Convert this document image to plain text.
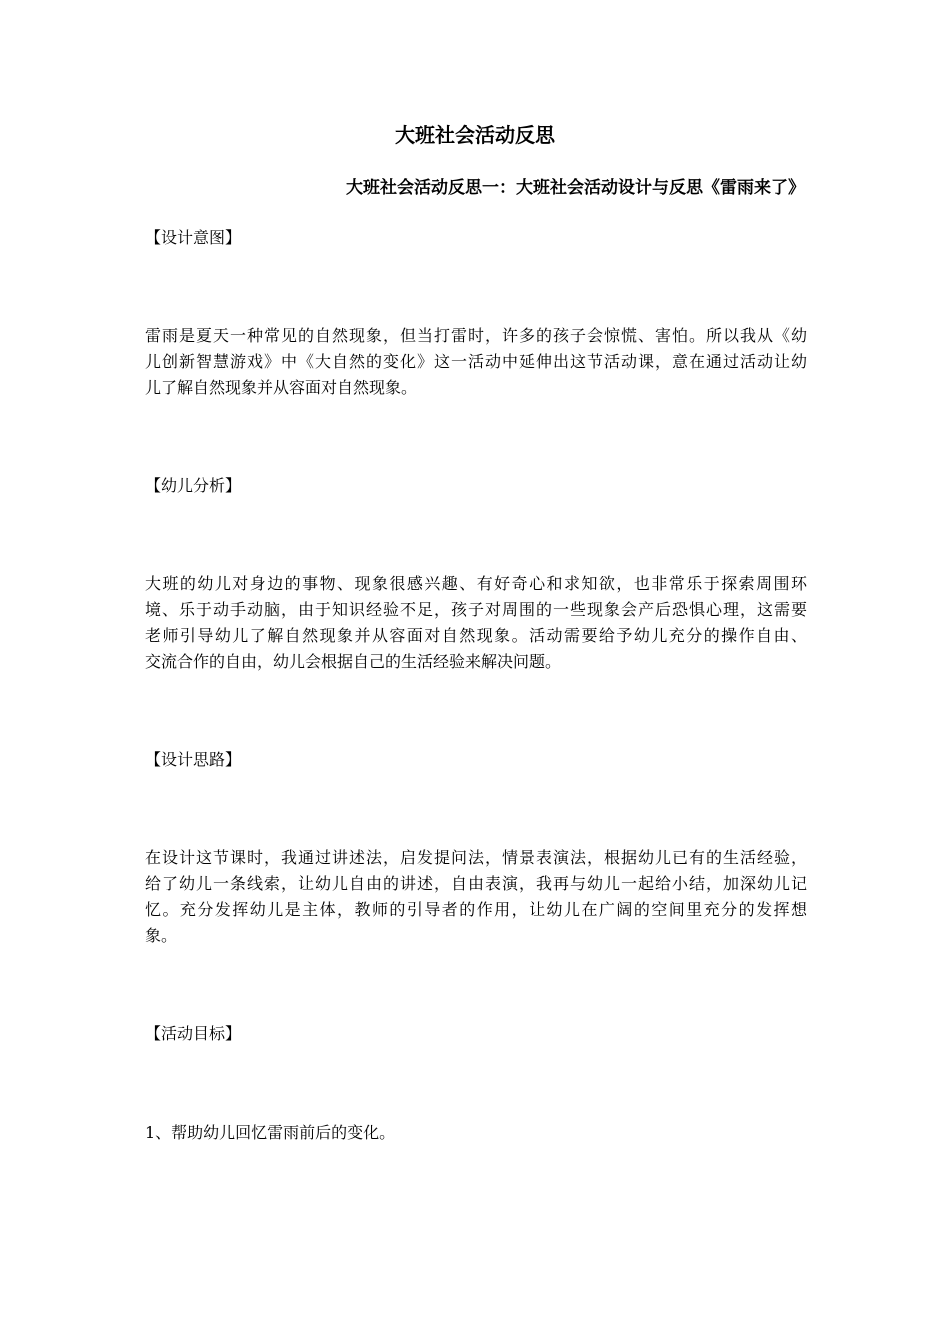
大班社会活动反思
大班社会活动反思一：大班社会活动设计与反思《雷雨来了》
【设计意图】
雷雨是夏天一种常见的自然现象，但当打雷时，许多的孩子会惊慌、害怕。所以我从《幼
儿创新智慧游戏》中《大自然的变化》这一活动中延伸出这节活动课，意在通过活动让幼
儿了解自然现象并从容面对自然现象。
【幼儿分析】
大班的幼儿对身边的事物、现象很感兴趣、有好奇心和求知欲，也非常乐于探索周围环
境、乐于动手动脑，由于知识经验不足，孩子对周围的一些现象会产后恐惧心理，这需要
老师引导幼儿了解自然现象并从容面对自然现象。活动需要给予幼儿充分的操作自由、
交流合作的自由，幼儿会根据自己的生活经验来解决问题。
【设计思路】
在设计这节课时，我通过讲述法，启发提问法，情景表演法，根据幼儿已有的生活经验，
给了幼儿一条线索，让幼儿自由的讲述，自由表演，我再与幼儿一起给小结，加深幼儿记
忆。充分发挥幼儿是主体，教师的引导者的作用，让幼儿在广阔的空间里充分的发挥想
象。
【活动目标】
1、帮助幼儿回忆雷雨前后的变化。
